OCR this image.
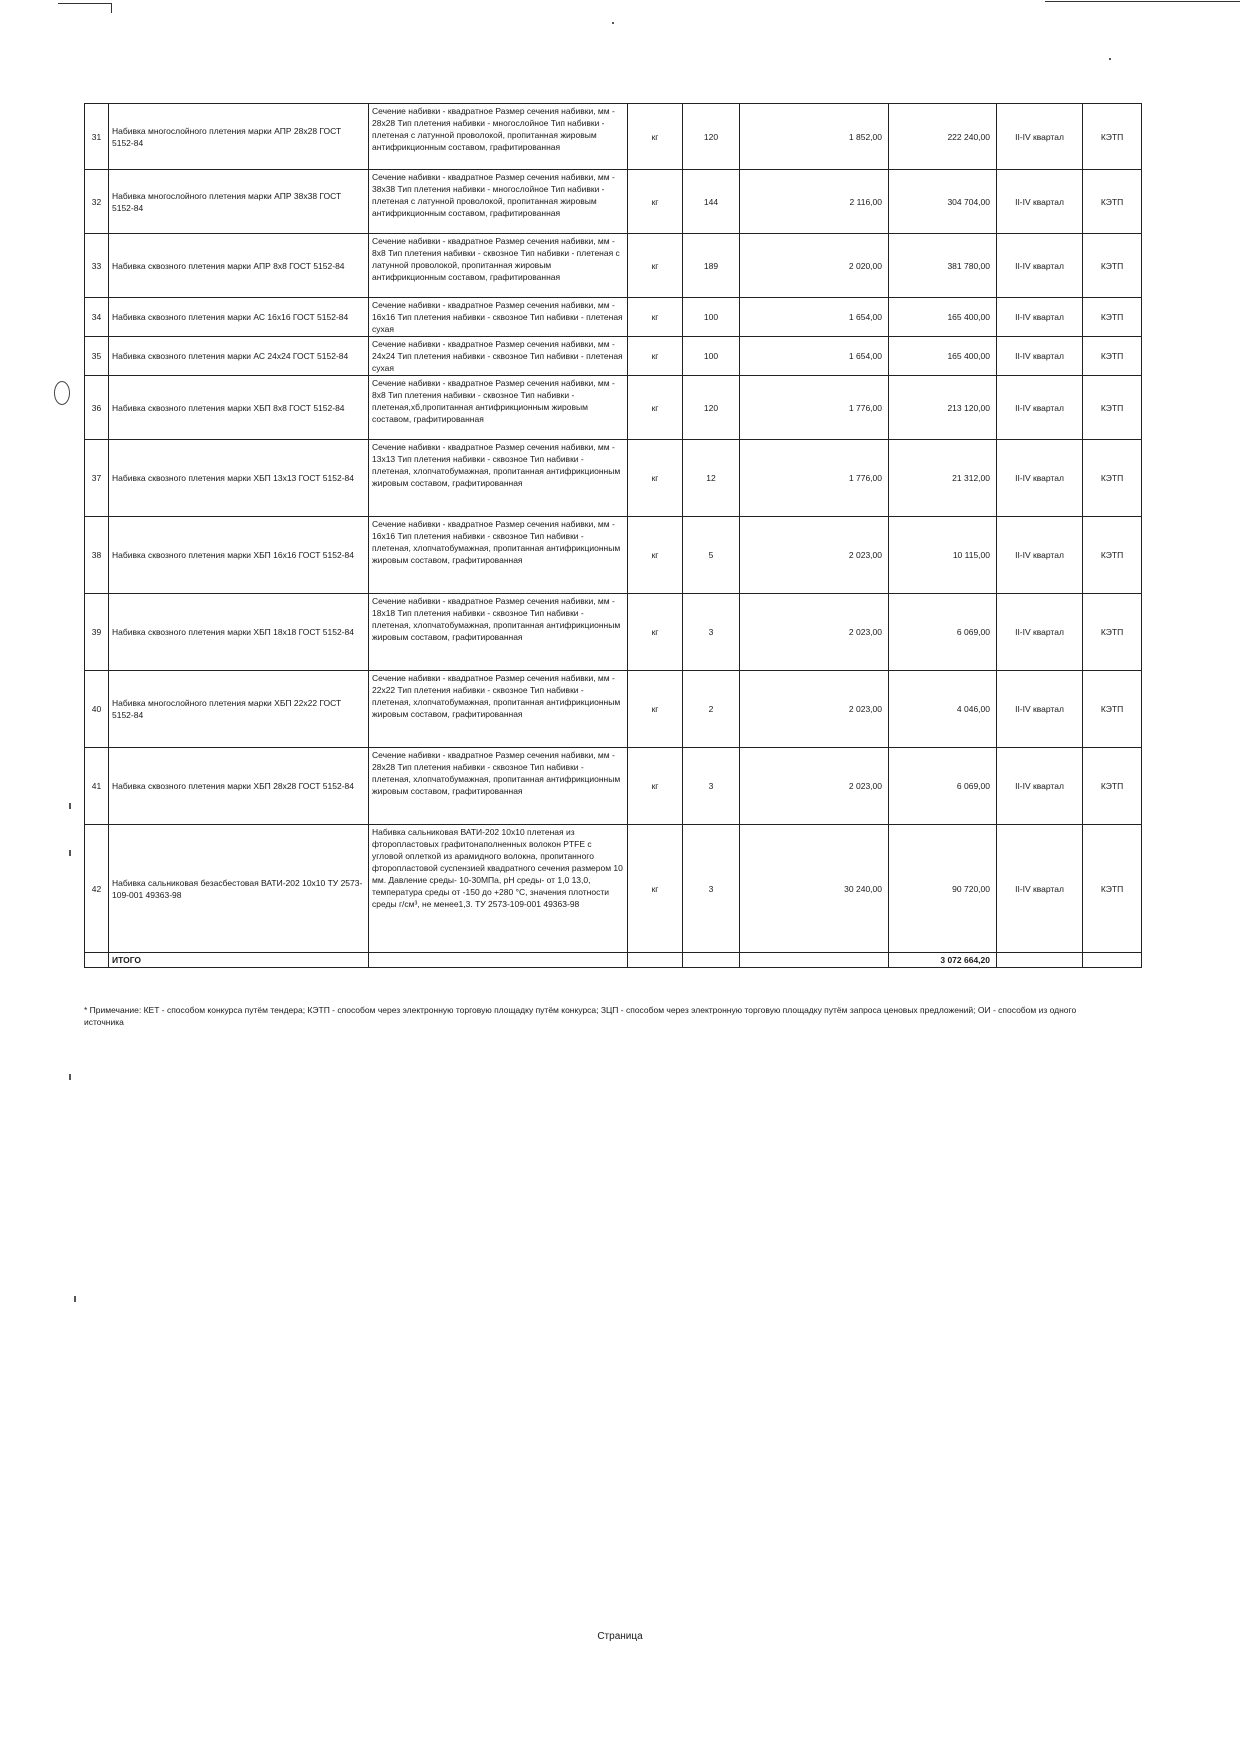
31	Набивка многослойного плетения марки АПР 28х28 ГОСТ 5152-84	Сечение набивки - квадратное Размер сечения набивки, мм - 28х28 Тип плетения набивки - многослойное Тип набивки - плетеная с латунной проволокой, пропитанная жировым антифрикционным составом, графитированная	кг	120	1 852,00	222 240,00	II-IV квартал	КЭТП
32	Набивка многослойного плетения марки АПР 38х38 ГОСТ 5152-84	Сечение набивки - квадратное Размер сечения набивки, мм - 38х38 Тип плетения набивки - многослойное Тип набивки - плетеная с латунной проволокой, пропитанная жировым антифрикционным составом, графитированная	кг	144	2 116,00	304 704,00	II-IV квартал	КЭТП
33	Набивка сквозного плетения марки АПР 8х8 ГОСТ 5152-84	Сечение набивки - квадратное Размер сечения набивки, мм - 8х8 Тип плетения набивки - сквозное Тип набивки - плетеная с латунной проволокой, пропитанная жировым антифрикционным составом, графитированная	кг	189	2 020,00	381 780,00	II-IV квартал	КЭТП
34	Набивка сквозного плетения марки АС 16х16 ГОСТ 5152-84	Сечение набивки - квадратное Размер сечения набивки, мм - 16х16 Тип плетения набивки - сквозное Тип набивки - плетеная сухая	кг	100	1 654,00	165 400,00	II-IV квартал	КЭТП
35	Набивка сквозного плетения марки АС 24х24 ГОСТ 5152-84	Сечение набивки - квадратное Размер сечения набивки, мм - 24х24 Тип плетения набивки - сквозное Тип набивки - плетеная сухая	кг	100	1 654,00	165 400,00	II-IV квартал	КЭТП
36	Набивка сквозного плетения марки ХБП 8х8 ГОСТ 5152-84	Сечение набивки - квадратное Размер сечения набивки, мм - 8х8 Тип плетения набивки - сквозное Тип набивки - плетеная,хб,пропитанная антифрикционным жировым составом, графитированная	кг	120	1 776,00	213 120,00	II-IV квартал	КЭТП
37	Набивка сквозного плетения марки ХБП 13х13 ГОСТ 5152-84	Сечение набивки - квадратное Размер сечения набивки, мм - 13х13 Тип плетения набивки - сквозное Тип набивки - плетеная, хлопчатобумажная, пропитанная антифрикционным жировым составом, графитированная	кг	12	1 776,00	21 312,00	II-IV квартал	КЭТП
38	Набивка сквозного плетения марки ХБП 16х16 ГОСТ 5152-84	Сечение набивки - квадратное Размер сечения набивки, мм - 16х16 Тип плетения набивки - сквозное Тип набивки - плетеная, хлопчатобумажная, пропитанная антифрикционным жировым составом, графитированная	кг	5	2 023,00	10 115,00	II-IV квартал	КЭТП
39	Набивка сквозного плетения марки ХБП 18х18 ГОСТ 5152-84	Сечение набивки - квадратное Размер сечения набивки, мм - 18х18 Тип плетения набивки - сквозное Тип набивки - плетеная, хлопчатобумажная, пропитанная антифрикционным жировым составом, графитированная	кг	3	2 023,00	6 069,00	II-IV квартал	КЭТП
40	Набивка многослойного плетения марки ХБП 22х22 ГОСТ 5152-84	Сечение набивки - квадратное Размер сечения набивки, мм - 22х22 Тип плетения набивки - сквозное Тип набивки - плетеная, хлопчатобумажная, пропитанная антифрикционным жировым составом, графитированная	кг	2	2 023,00	4 046,00	II-IV квартал	КЭТП
41	Набивка сквозного плетения марки ХБП 28х28 ГОСТ 5152-84	Сечение набивки - квадратное Размер сечения набивки, мм - 28х28 Тип плетения набивки - сквозное Тип набивки - плетеная, хлопчатобумажная, пропитанная антифрикционным жировым составом, графитированная	кг	3	2 023,00	6 069,00	II-IV квартал	КЭТП
42	Набивка сальниковая безасбестовая ВАТИ-202 10х10 ТУ 2573-109-001 49363-98	Набивка сальниковая ВАТИ-202 10х10 плетеная из фторопластовых графитонаполненных волокон PTFE с угловой оплеткой из арамидного волокна, пропитанного фторопластовой суспензией квадратного сечения размером 10 мм. Давление среды- 10-30МПа, pH среды- от 1,0 13,0, температура среды от -150 до +280 °С, значения плотности среды г/см³, не менее1,3. ТУ 2573-109-001 49363-98	кг	3	30 240,00	90 720,00	II-IV квартал	КЭТП
	ИТОГО					3 072 664,20		
* Примечание: КЕТ - способом конкурса путём тендера; КЭТП - способом через электронную торговую площадку путём конкурса; ЗЦП - способом через электронную торговую площадку путём запроса ценовых предложений; ОИ - способом из одного источника
Страница
